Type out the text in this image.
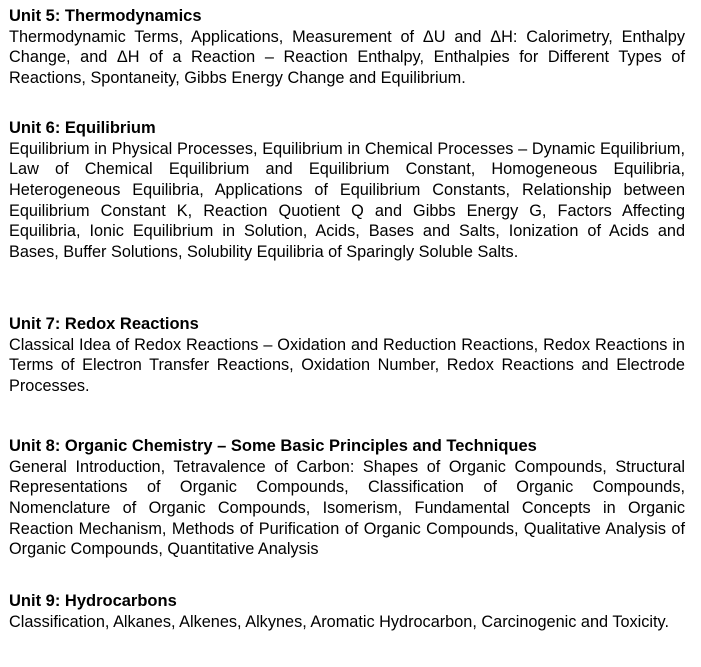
Unit 5: Thermodynamics

Thermodynamic Terms, Applications, Measurement of ΔU and ΔH: Calorimetry, Enthalpy Change, and ΔH of a Reaction – Reaction Enthalpy, Enthalpies for Different Types of Reactions, Spontaneity, Gibbs Energy Change and Equilibrium.

Unit 6: Equilibrium

Equilibrium in Physical Processes, Equilibrium in Chemical Processes – Dynamic Equilibrium, Law of Chemical Equilibrium and Equilibrium Constant, Homogeneous Equilibria, Heterogeneous Equilibria, Applications of Equilibrium Constants, Relationship between Equilibrium Constant K, Reaction Quotient Q and Gibbs Energy G, Factors Affecting Equilibria, Ionic Equilibrium in Solution, Acids, Bases and Salts, Ionization of Acids and Bases, Buffer Solutions, Solubility Equilibria of Sparingly Soluble Salts.

Unit 7: Redox Reactions

Classical Idea of Redox Reactions – Oxidation and Reduction Reactions, Redox Reactions in Terms of Electron Transfer Reactions, Oxidation Number, Redox Reactions and Electrode Processes.

Unit 8: Organic Chemistry – Some Basic Principles and Techniques

General Introduction, Tetravalence of Carbon: Shapes of Organic Compounds, Structural Representations of Organic Compounds, Classification of Organic Compounds, Nomenclature of Organic Compounds, Isomerism, Fundamental Concepts in Organic Reaction Mechanism, Methods of Purification of Organic Compounds, Qualitative Analysis of Organic Compounds, Quantitative Analysis

Unit 9: Hydrocarbons

Classification, Alkanes, Alkenes, Alkynes, Aromatic Hydrocarbon, Carcinogenic and Toxicity.
